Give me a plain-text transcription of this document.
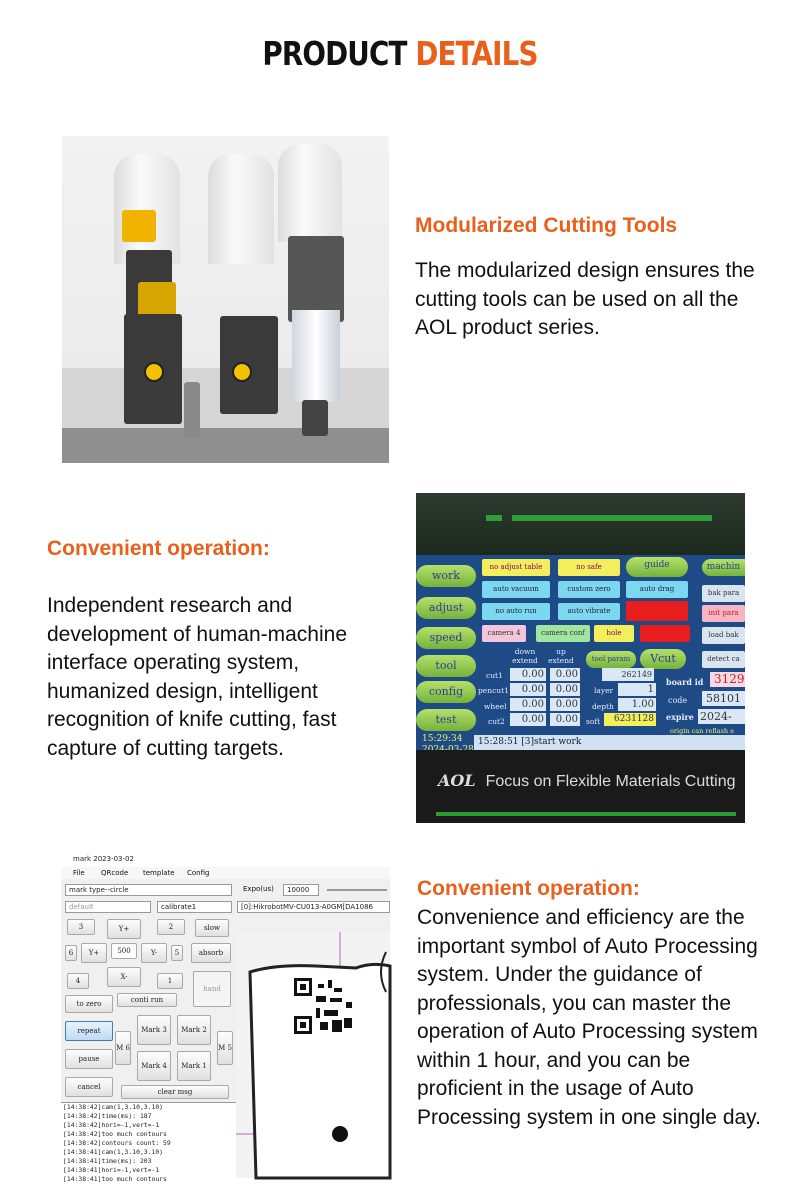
PRODUCT DETAILS
Modularized Cutting Tools
The modularized design ensures the cutting tools can be used on all the AOL product series.
Convenient operation:
Independent research and development of human-machine interface operating system, humanized design, intelligent recognition of knife cutting, fast capture of cutting targets.
work
adjust
speed
tool
config
test
no adjust table	no safe	guide	machin
auto vacuum	custom zero	auto drag	bak para
no auto run	auto vibrate	init para
camera 4	camera conf	hole	load bak
down extend
up extend	tool param	Vcut	detect ca
cut1	0.00	0.00
pencut1	0.00	0.00
wheel	0.00	0.00
cut2	0.00	0.00
262149
layer	1
depth	1.00
soft	6231128
board id 3129
code	58101
expire 2024-
origin can reflash e
15:29:34	15:28:51 [3]start work
AOL Focus on Flexible Materials Cutting
mark 2023-03-02
File QRcode template Config
mark type--circle	Expo(us)	10000
default	calibrate1	[0]:HikrobotMV-CU013-A0GM[DA1086
3	Y+	2	slow
6	Y+	500	Y-	5	absorb
4	X-	1
hand
to zero	conti run
repeat
M 6
Mark 3	Mark 2
M 5
pause
Mark 4	Mark 1
cancel
clear msg
[14:38:42]cam(1,3.10,3.10)
[14:38:42]time(ms): 187
[14:38:42]hori=-1,vert=-1
[14:38:42]too much contours
[14:38:42]contours count: 59
[14:38:41]cam(1,3.10,3.10)
[14:38:41]time(ms): 203
[14:38:41]hori=-1,vert=-1
[14:38:41]too much contours
Convenient operation:
Convenience and efficiency are the important symbol of Auto Processing system. Under the guidance of professionals, you can master the operation of Auto Processing system within 1 hour, and you can be proficient in the usage of Auto Processing system in one single day.
